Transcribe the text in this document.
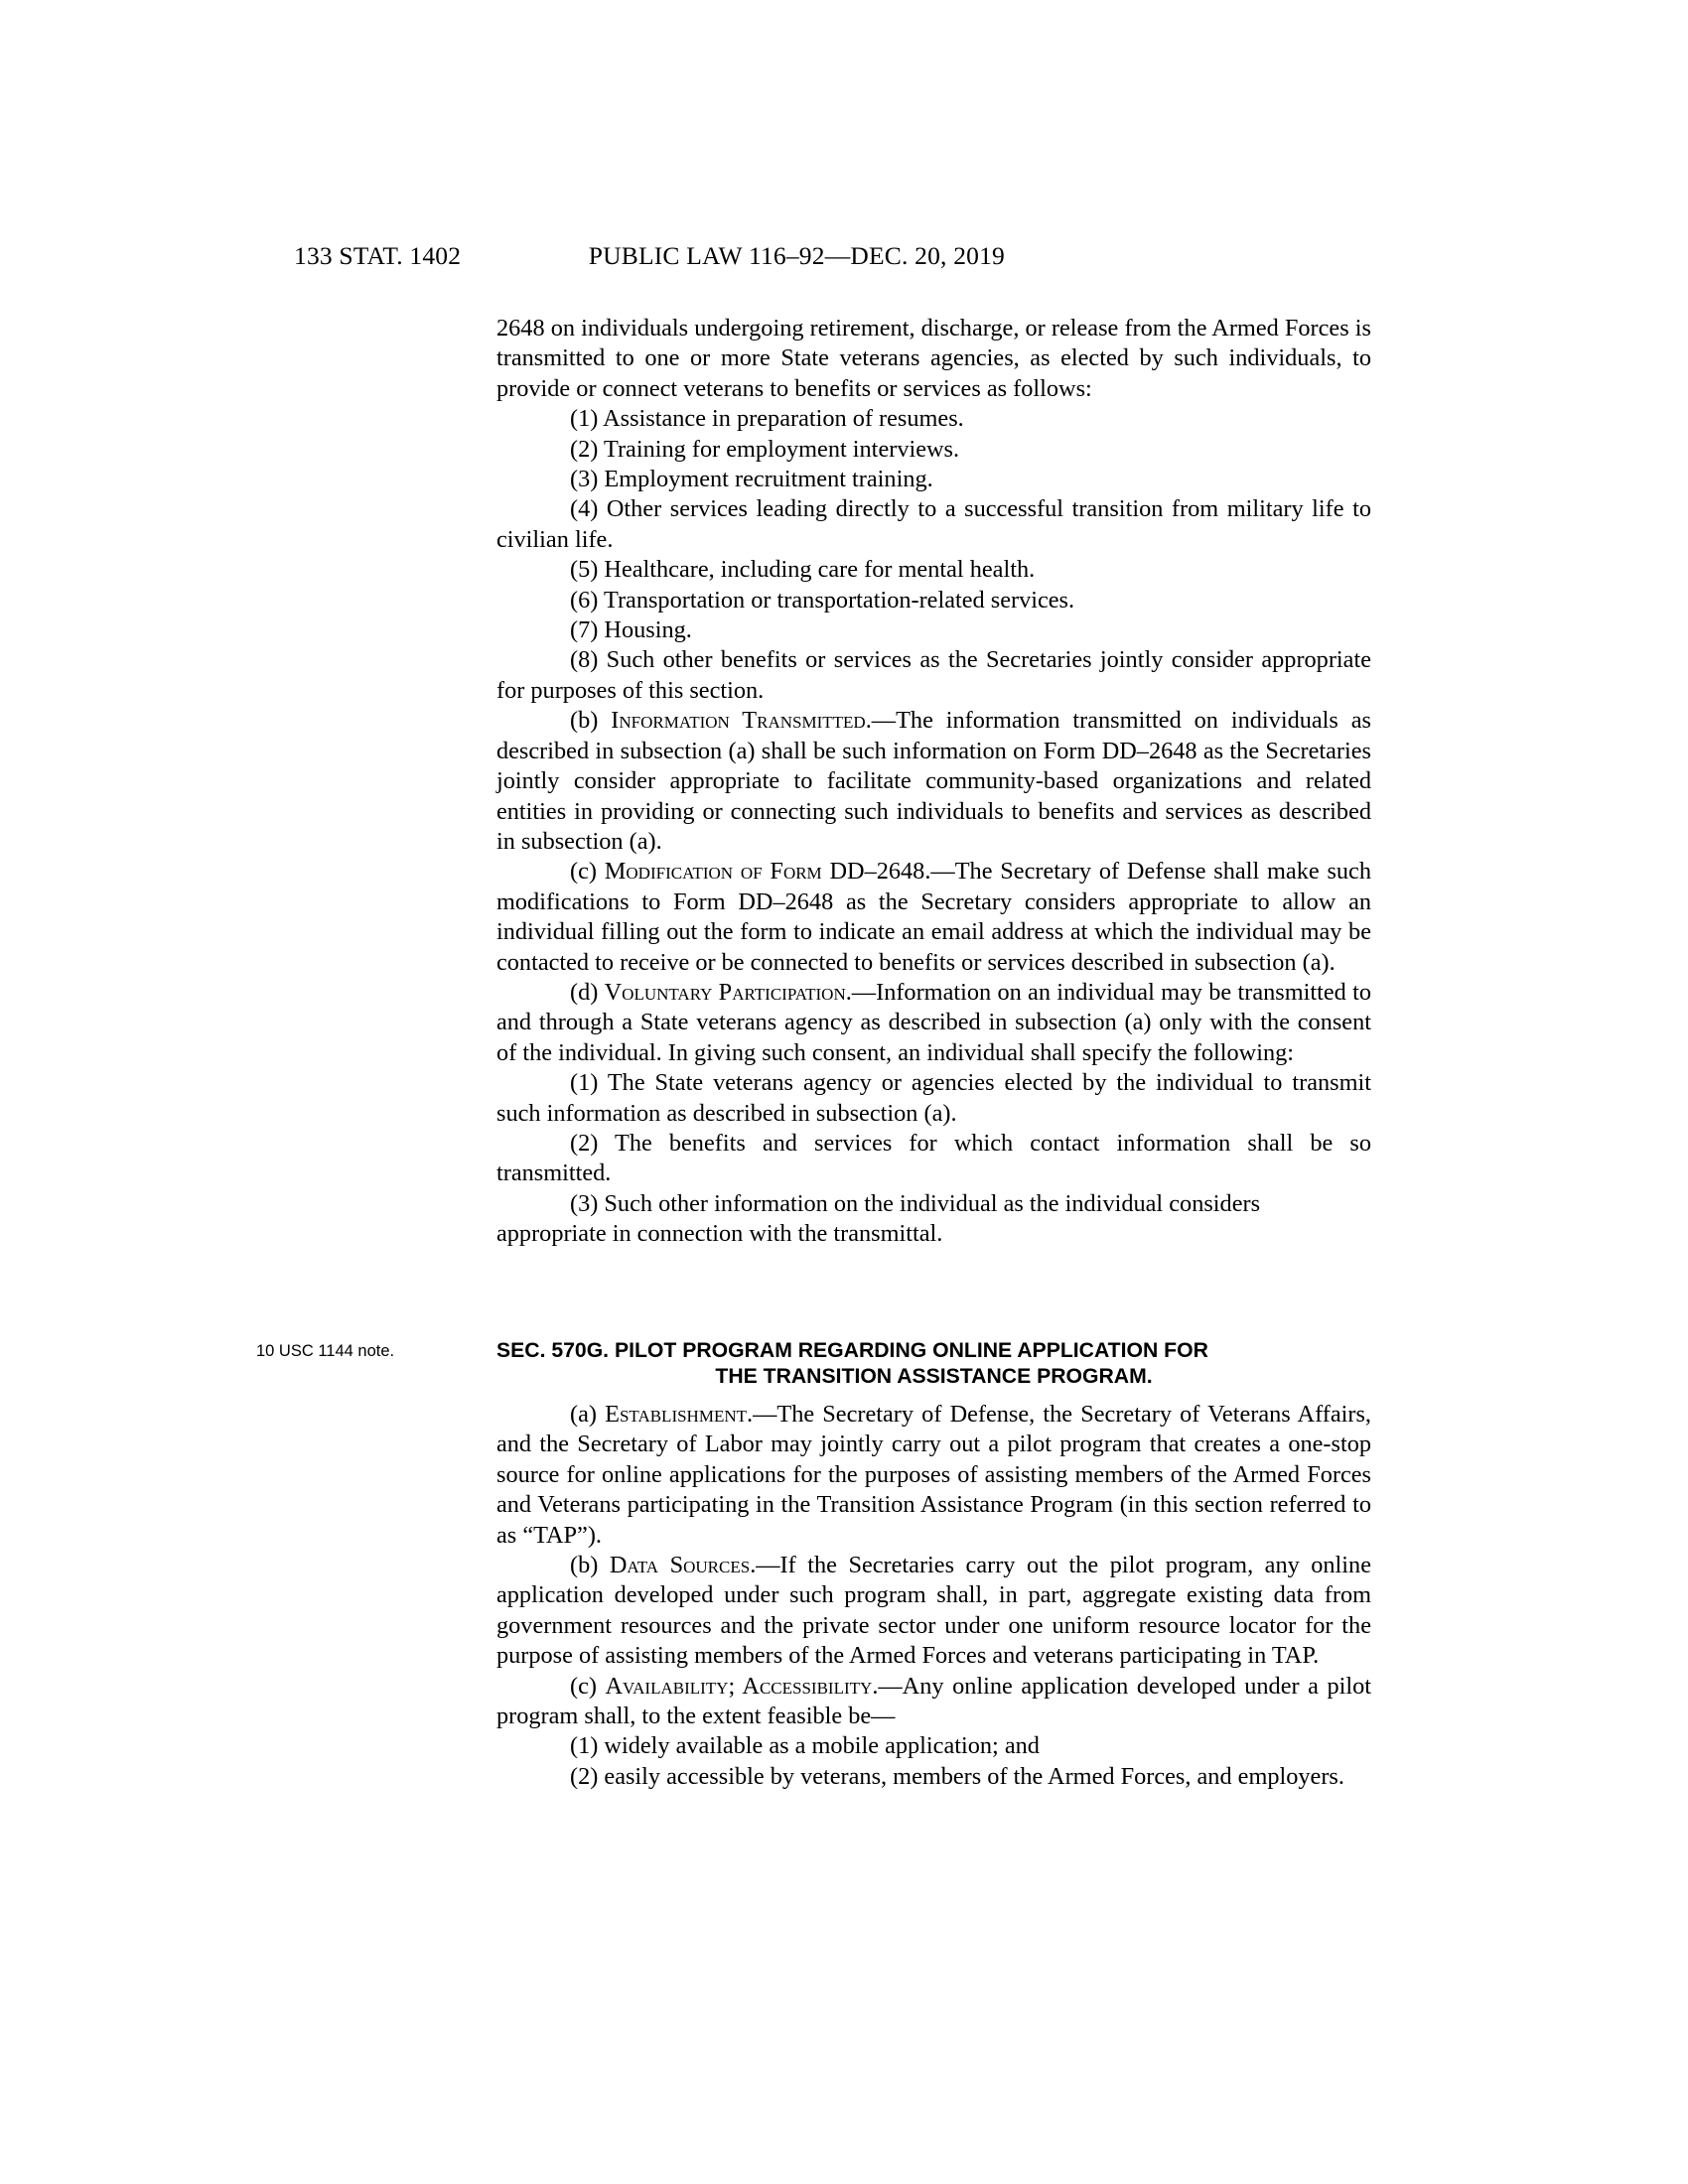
133 STAT. 1402	PUBLIC LAW 116–92—DEC. 20, 2019

2648 on individuals undergoing retirement, discharge, or release from the Armed Forces is transmitted to one or more State veterans agencies, as elected by such individuals, to provide or connect veterans to benefits or services as follows:

(1) Assistance in preparation of resumes.

(2) Training for employment interviews.

(3) Employment recruitment training.

(4) Other services leading directly to a successful transition from military life to civilian life.

(5) Healthcare, including care for mental health.

(6) Transportation or transportation-related services.

(7) Housing.

(8) Such other benefits or services as the Secretaries jointly consider appropriate for purposes of this section.

(b) Information Transmitted.—The information transmitted on individuals as described in subsection (a) shall be such information on Form DD–2648 as the Secretaries jointly consider appropriate to facilitate community-based organizations and related entities in providing or connecting such individuals to benefits and services as described in subsection (a).

(c) Modification of Form DD–2648.—The Secretary of Defense shall make such modifications to Form DD–2648 as the Secretary considers appropriate to allow an individual filling out the form to indicate an email address at which the individual may be contacted to receive or be connected to benefits or services described in subsection (a).

(d) Voluntary Participation.—Information on an individual may be transmitted to and through a State veterans agency as described in subsection (a) only with the consent of the individual. In giving such consent, an individual shall specify the following:

(1) The State veterans agency or agencies elected by the individual to transmit such information as described in subsection (a).

(2) The benefits and services for which contact information shall be so transmitted.

(3) Such other information on the individual as the individual considers appropriate in connection with the transmittal.

10 USC 1144 note.	SEC. 570G. PILOT PROGRAM REGARDING ONLINE APPLICATION FOR
THE TRANSITION ASSISTANCE PROGRAM.

(a) Establishment.—The Secretary of Defense, the Secretary of Veterans Affairs, and the Secretary of Labor may jointly carry out a pilot program that creates a one-stop source for online applications for the purposes of assisting members of the Armed Forces and Veterans participating in the Transition Assistance Program (in this section referred to as “TAP”).

(b) Data Sources.—If the Secretaries carry out the pilot program, any online application developed under such program shall, in part, aggregate existing data from government resources and the private sector under one uniform resource locator for the purpose of assisting members of the Armed Forces and veterans participating in TAP.

(c) Availability; Accessibility.—Any online application developed under a pilot program shall, to the extent feasible be—

(1) widely available as a mobile application; and

(2) easily accessible by veterans, members of the Armed Forces, and employers.
